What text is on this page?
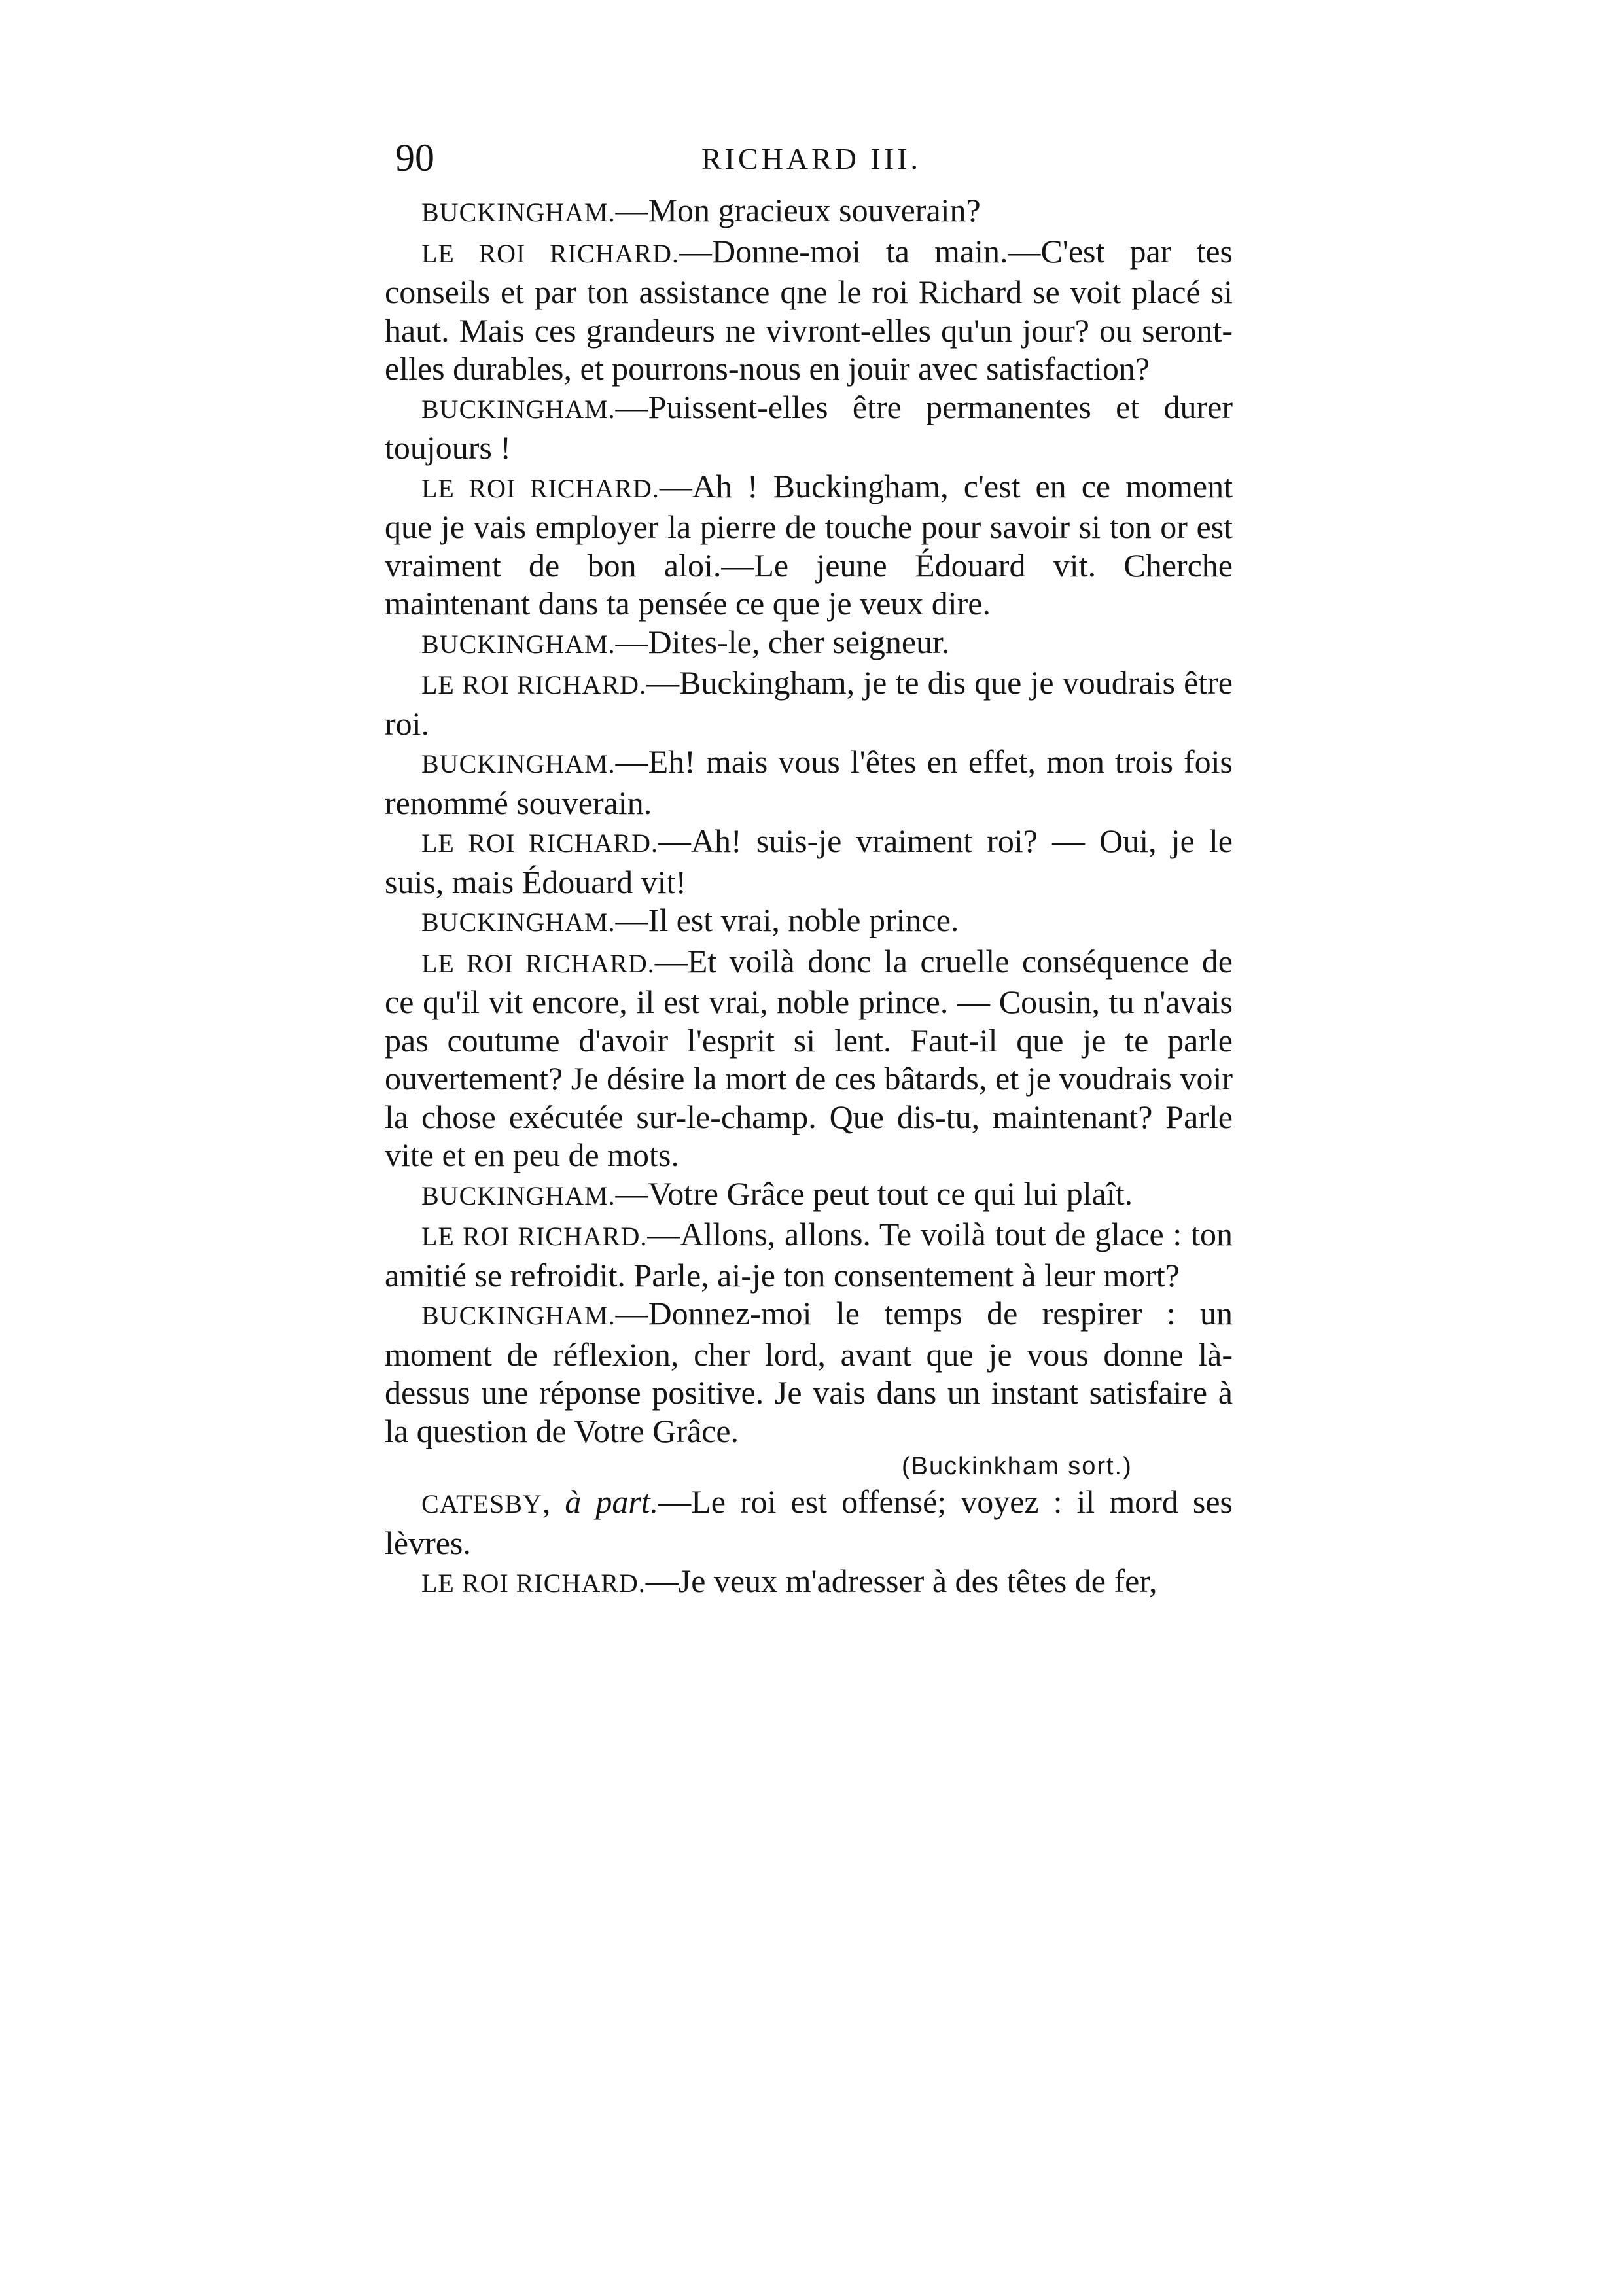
90	RICHARD III.

BUCKINGHAM.—Mon gracieux souverain?

LE ROI RICHARD.—Donne-moi ta main.—C'est par tes conseils et par ton assistance qne le roi Richard se voit placé si haut. Mais ces grandeurs ne vivront-elles qu'un jour? ou seront-elles durables, et pourrons-nous en jouir avec satisfaction?

BUCKINGHAM.—Puissent-elles être permanentes et durer toujours !

LE ROI RICHARD.—Ah ! Buckingham, c'est en ce moment que je vais employer la pierre de touche pour savoir si ton or est vraiment de bon aloi.—Le jeune Édouard vit. Cherche maintenant dans ta pensée ce que je veux dire.

BUCKINGHAM.—Dites-le, cher seigneur.

LE ROI RICHARD.—Buckingham, je te dis que je voudrais être roi.

BUCKINGHAM.—Eh! mais vous l'êtes en effet, mon trois fois renommé souverain.

LE ROI RICHARD.—Ah! suis-je vraiment roi? — Oui, je le suis, mais Édouard vit!

BUCKINGHAM.—Il est vrai, noble prince.

LE ROI RICHARD.—Et voilà donc la cruelle conséquence de ce qu'il vit encore, il est vrai, noble prince. — Cousin, tu n'avais pas coutume d'avoir l'esprit si lent. Faut-il que je te parle ouvertement? Je désire la mort de ces bâtards, et je voudrais voir la chose exécutée sur-le-champ. Que dis-tu, maintenant? Parle vite et en peu de mots.

BUCKINGHAM.—Votre Grâce peut tout ce qui lui plaît.

LE ROI RICHARD.—Allons, allons. Te voilà tout de glace : ton amitié se refroidit. Parle, ai-je ton consentement à leur mort?

BUCKINGHAM.—Donnez-moi le temps de respirer : un moment de réflexion, cher lord, avant que je vous donne là-dessus une réponse positive. Je vais dans un instant satisfaire à la question de Votre Grâce.

(Buckinkham sort.)

CATESBY, à part.—Le roi est offensé; voyez : il mord ses lèvres.

LE ROI RICHARD.—Je veux m'adresser à des têtes de fer,
